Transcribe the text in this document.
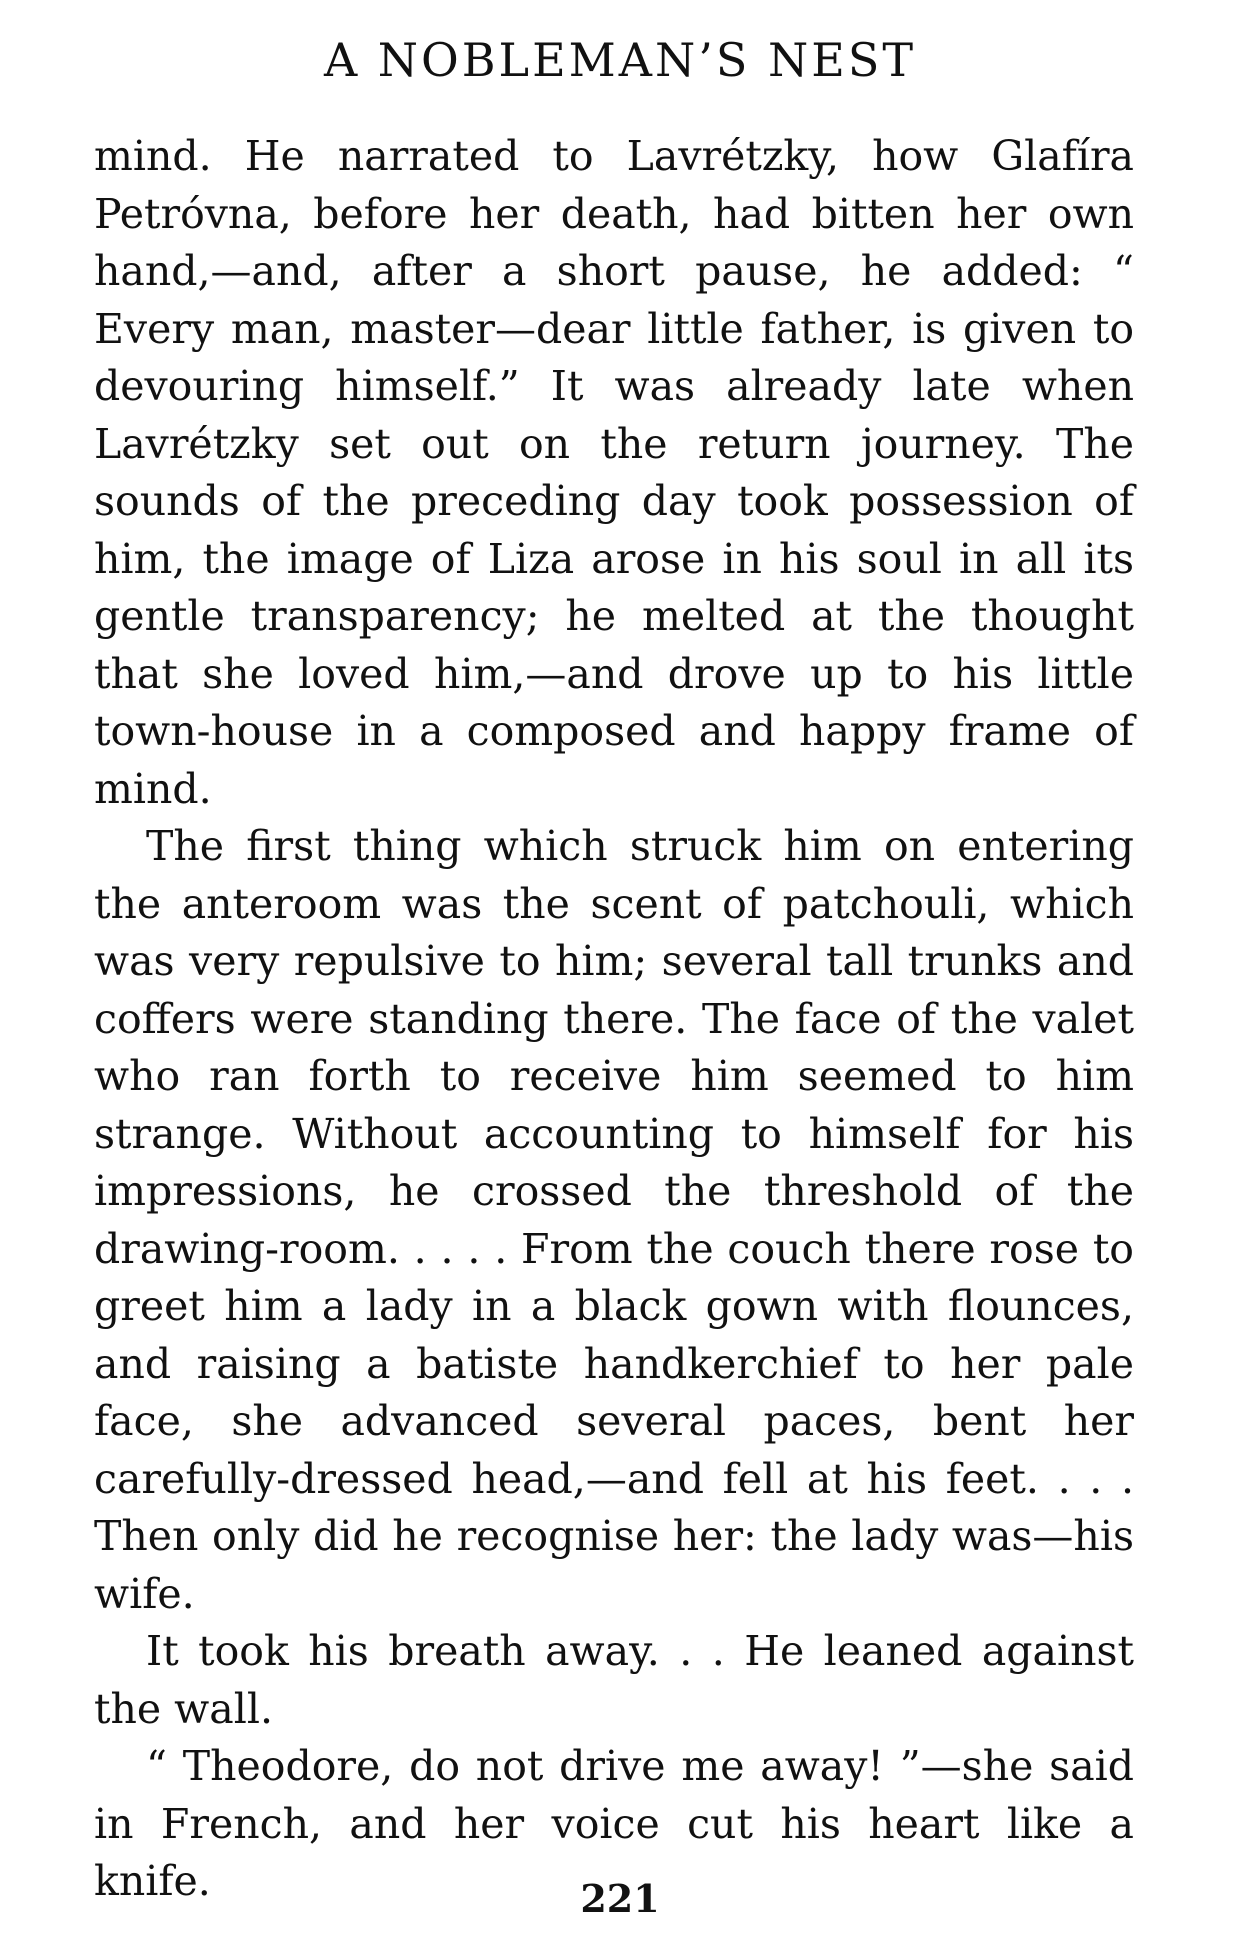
A NOBLEMAN’S NEST

mind. He narrated to Lavrétzky, how Glafíra Petróvna, before her death, had bitten her own hand,—and, after a short pause, he added: “ Every man, master—dear little father, is given to devouring himself.” It was already late when Lavrétzky set out on the return journey. The sounds of the preceding day took possession of him, the image of Liza arose in his soul in all its gentle transparency; he melted at the thought that she loved him,—and drove up to his little town-house in a composed and happy frame of mind.

The first thing which struck him on entering the anteroom was the scent of patchouli, which was very repulsive to him; several tall trunks and coffers were standing there. The face of the valet who ran forth to receive him seemed to him strange. Without accounting to himself for his impressions, he crossed the threshold of the drawing-room. . . . . From the couch there rose to greet him a lady in a black gown with flounces, and raising a batiste handkerchief to her pale face, she advanced several paces, bent her carefully-dressed head,—and fell at his feet. . . . Then only did he recognise her: the lady was—his wife.

It took his breath away. . . He leaned against the wall.

“ Theodore, do not drive me away! ”—she said in French, and her voice cut his heart like a knife.	221
